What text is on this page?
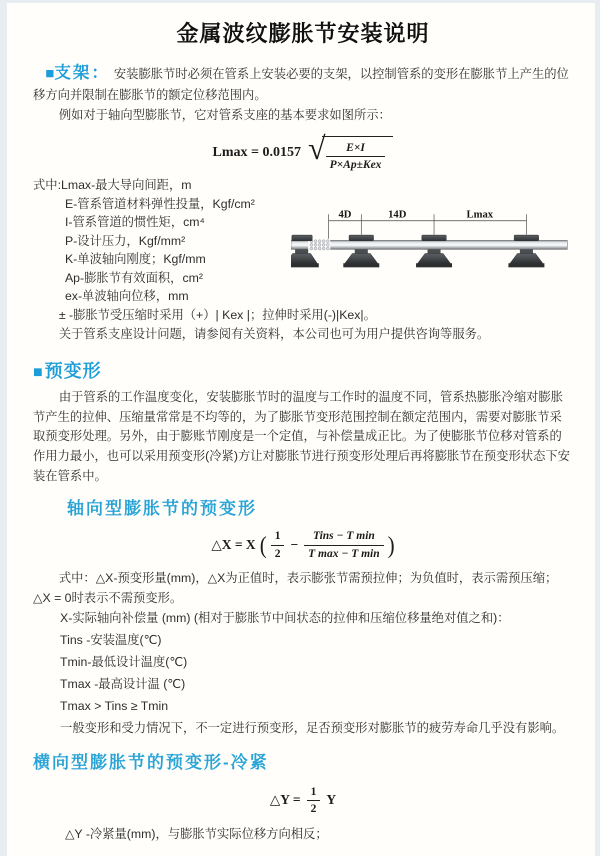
金属波纹膨胀节安装说明

■支架： 安装膨胀节时必须在管系上安装必要的支架，以控制管系的变形在膨胀节上产生的位移方向并限制在膨胀节的额定位移范围内。

例如对于轴向型膨胀节，它对管系支座的基本要求如图所示：

Lmax = 0.0157 √ $\frac{E\times I}{\text{P×Ap±Kex}}$
式中:Lmax-最大导向间距，m
E-管系管道材料弹性投量，Kgf/cm²
I-管系管道的惯性矩，cm⁴
P-设计压力，Kgf/mm²
K-单波轴向刚度；Kgf/mm
Ap-膨胀节有效面积，cm²
ex-单波轴向位移，mm
4D	14D	Lmax

± -膨胀节受压缩时采用（+）| Kex |；拉伸时采用(-)|Kex|。

关于管系支座设计问题，请参阅有关资料，本公司也可为用户提供咨询等服务。

■预变形

由于管系的工作温度变化，安装膨胀节时的温度与工作时的温度不同，管系热膨胀冷缩对膨胀节产生的拉伸、压缩量常常是不均等的，为了膨胀节变形范围控制在额定范围内，需要对膨胀节采取预变形处理。另外，由于膨账节刚度是一个定值，与补偿量成正比。为了使膨胀节位移对管系的作用力最小，也可以采用预变形(冷紧)方让对膨胀节进行预变形处理后再将膨胀节在预变形状态下安装在管系中。

轴向型膨胀节的预变形
△X = X ( $\frac{1}{2} - \frac{\text{Tins − T min}}{\text{T max − T min}}$ )

式中：△X-预变形量(mm)，△X为正值时，表示膨张节需预拉伸；为负值时，表示需预压缩；△X = 0时表示不需预变形。

X-实际轴向补偿量 (mm) (相对于膨胀节中间状态的拉伸和压缩位移量绝对值之和)：
Tins -安装温度(℃)
Tmin-最低设计温度(℃)
Tmax -最高设计温 (℃)
Tmax > Tins ≥ Tmin
一般变形和受力情况下，不一定进行预变形，足否预变形对膨胀节的疲劳寿命几乎没有影响。
横向型膨胀节的预变形-冷紧
△Y = $\frac{1}{2}$ Y

△Y -冷紧量(mm)，与膨胀节实际位移方向相反；
